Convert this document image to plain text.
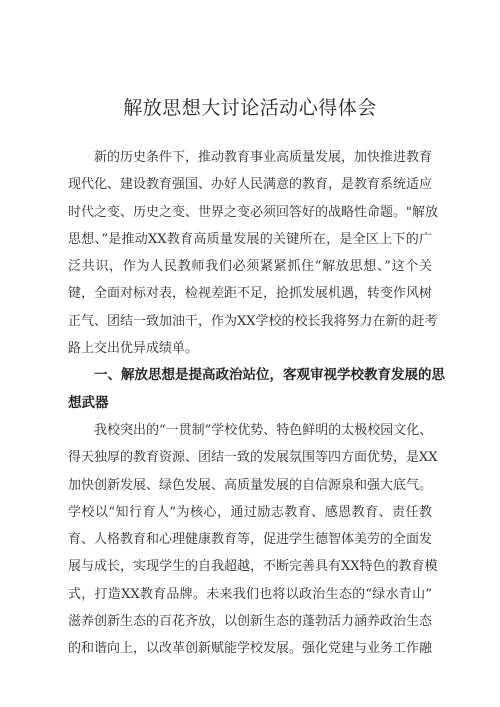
解放思想大讨论活动心得体会
新的历史条件下，推动教育事业高质量发展，加快推进教育
现代化、建设教育强国、办好人民满意的教育，是教育系统适应
时代之变、历史之变、世界之变必须回答好的战略性命题。"解放
思想、”是推动XX教育高质量发展的关键所在，是全区上下的广
泛共识，作为人民教师我们必须紧紧抓住“解放思想、”这个关
键，全面对标对表，检视差距不足，抢抓发展机遇，转变作风树
正气、团结一致加油干，作为XX学校的校长我将努力在新的赶考
路上交出优异成绩单。
一、解放思想是提高政治站位，客观审视学校教育发展的思
想武器
我校突出的“一贯制”学校优势、特色鲜明的太极校园文化、
得天独厚的教育资源、团结一致的发展氛围等四方面优势，是XX
加快创新发展、绿色发展、高质量发展的自信源泉和强大底气。
学校以“知行育人”为核心，通过励志教育、感恩教育、责任教
育、人格教育和心理健康教育等，促进学生德智体美劳的全面发
展与成长，实现学生的自我超越，不断完善具有XX特色的教育模
式，打造XX教育品牌。未来我们也将以政治生态的“绿水青山”
滋养创新生态的百花齐放，以创新生态的蓬勃活力涵养政治生态
的和谐向上，以改革创新赋能学校发展。强化党建与业务工作融
